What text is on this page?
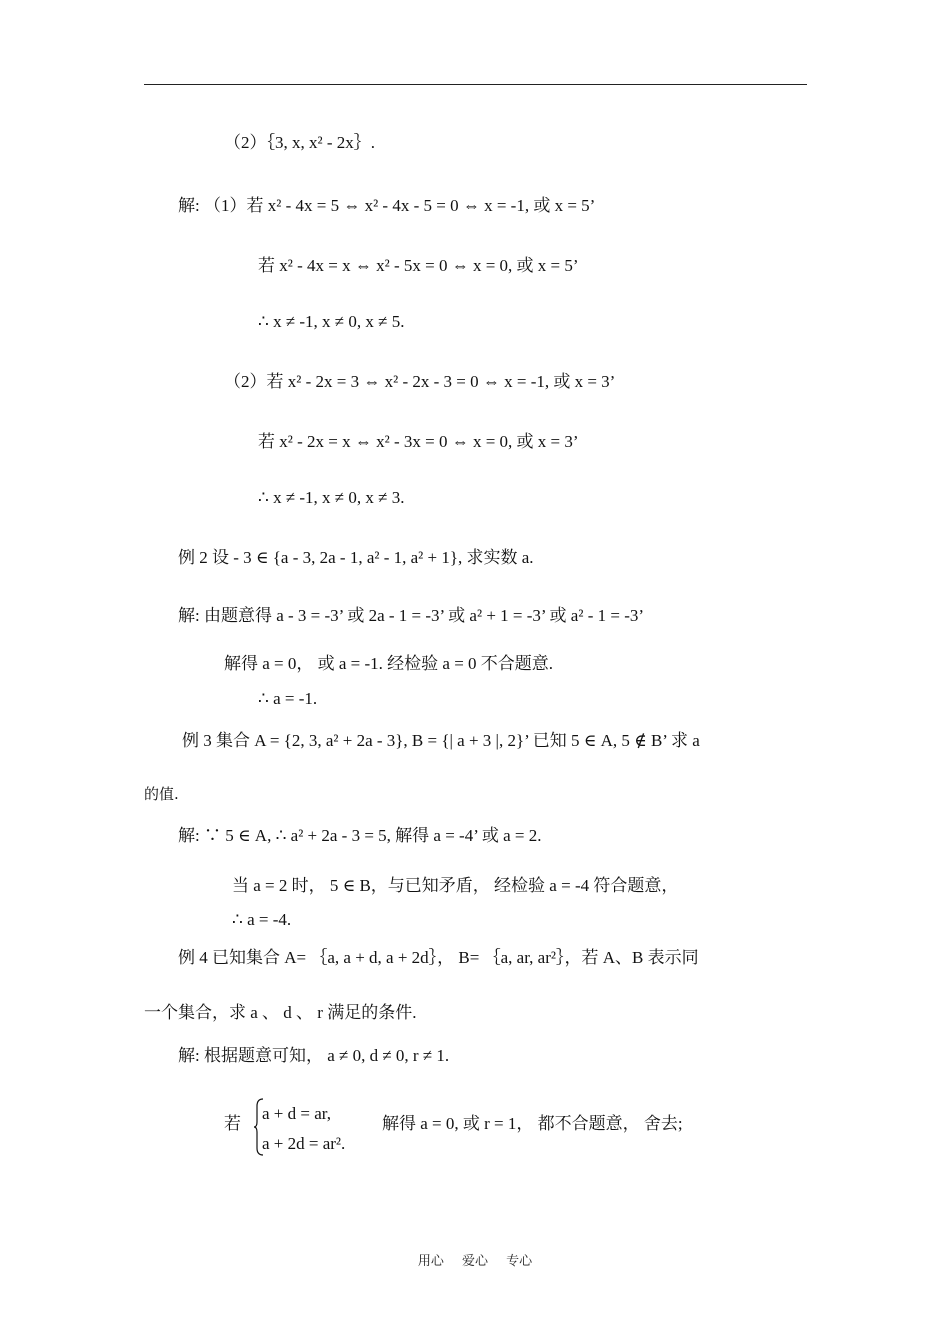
（2）｛3, x, x² - 2x｝.
解: （1）若 x² - 4x = 5 ⇔ x² - 4x - 5 = 0 ⇔ x = -1, 或 x = 5’
若 x² - 4x = x ⇔ x² - 5x = 0 ⇔ x = 0, 或 x = 5’
∴ x ≠ -1, x ≠ 0, x ≠ 5.
（2）若 x² - 2x = 3 ⇔ x² - 2x - 3 = 0 ⇔ x = -1, 或 x = 3’
若 x² - 2x = x ⇔ x² - 3x = 0 ⇔ x = 0, 或 x = 3’
∴ x ≠ -1, x ≠ 0, x ≠ 3.
例 2 设 - 3 ∈ {a - 3, 2a - 1, a² - 1, a² + 1}, 求实数 a.
解: 由题意得 a - 3 = -3’ 或 2a - 1 = -3’ 或 a² + 1 = -3’ 或 a² - 1 = -3’
解得 a = 0， 或 a = -1. 经检验 a = 0 不合题意.
∴ a = -1.
例 3 集合 A = {2, 3, a² + 2a - 3}, B = {| a + 3 |, 2}’ 已知 5 ∈ A, 5 ∉ B’ 求 a
的值.
解: ∵ 5 ∈ A, ∴ a² + 2a - 3 = 5, 解得 a = -4’ 或 a = 2.
当 a = 2 时， 5 ∈ B，与已知矛盾， 经检验 a = -4 符合题意，
∴ a = -4.
例 4 已知集合 A= ｛a, a + d, a + 2d｝， B= ｛a, ar, ar²｝，若 A、B 表示同
一个集合，求 a 、 d 、 r 满足的条件.
解: 根据题意可知， a ≠ 0, d ≠ 0, r ≠ 1.
a + d = ar,
若	解得 a = 0, 或 r = 1， 都不合题意， 舍去;
a + 2d = ar².
用心 爱心 专心
